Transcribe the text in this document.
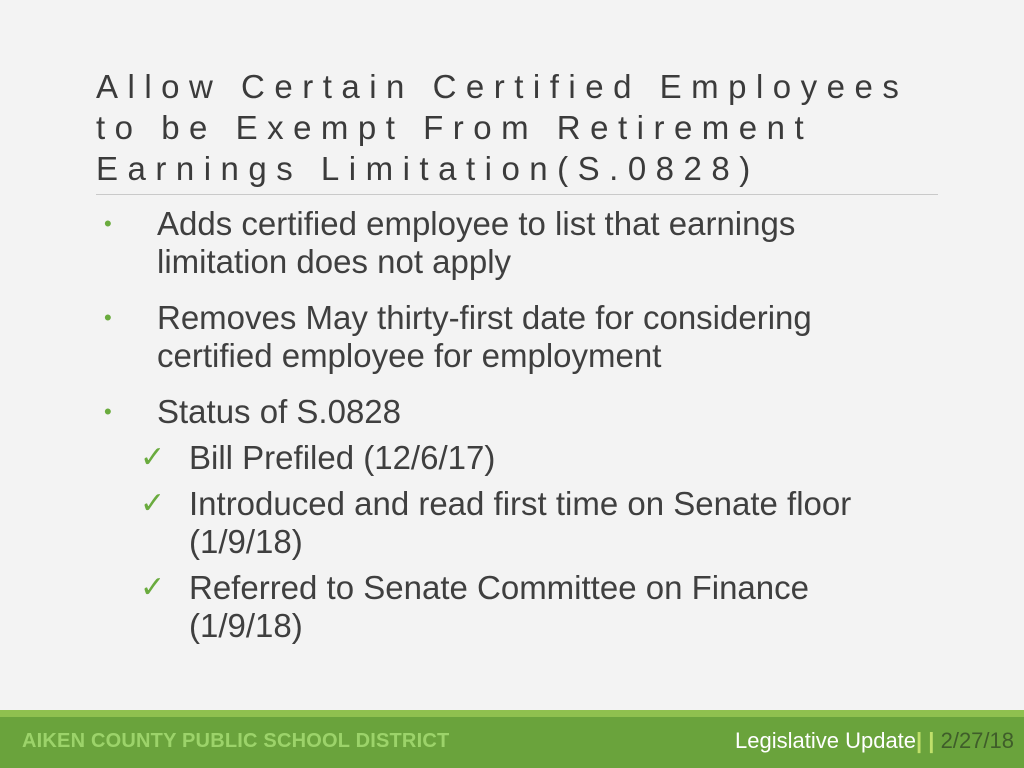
Allow Certain Certified Employees
to be Exempt From Retirement
Earnings Limitation(S.0828)
• Adds certified employee to list that earnings
limitation does not apply
• Removes May thirty-first date for considering
certified employee for employment
• Status of S.0828
✓ Bill Prefiled (12/6/17)
✓ Introduced and read first time on Senate floor
(1/9/18)
✓ Referred to Senate Committee on Finance
(1/9/18)
AIKEN COUNTY PUBLIC SCHOOL DISTRICT	Legislative Update| | 2/27/18
